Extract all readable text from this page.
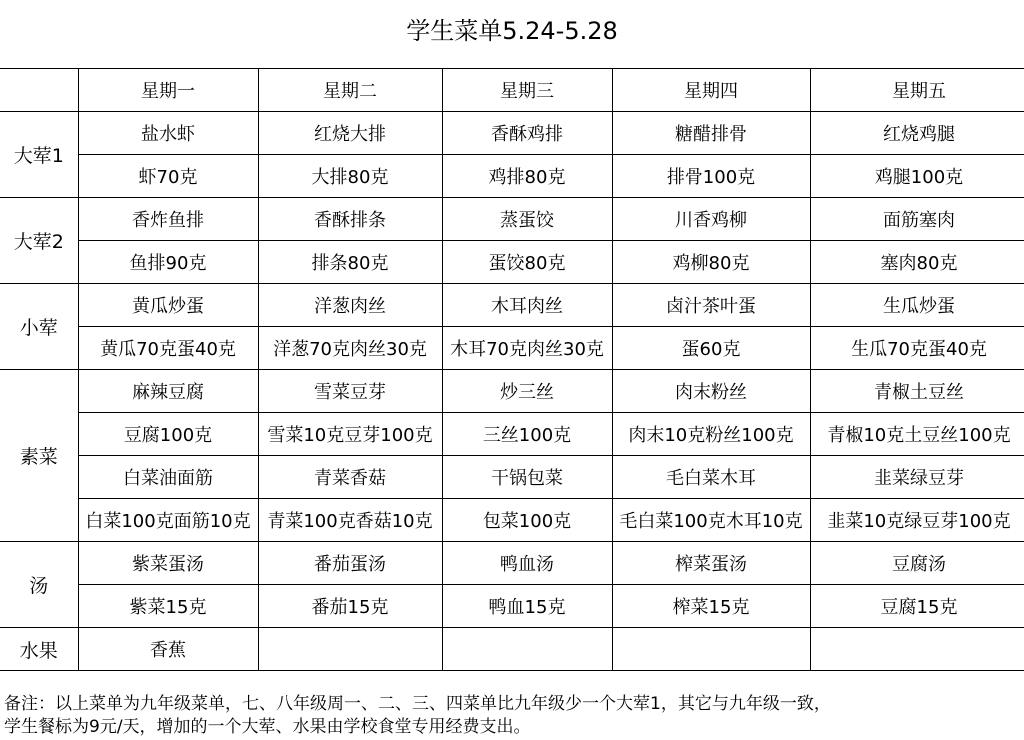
学生菜单5.24-5.28
	星期一	星期二	星期三	星期四	星期五
大荤1	盐水虾	红烧大排	香酥鸡排	糖醋排骨	红烧鸡腿
	虾70克	大排80克	鸡排80克	排骨100克	鸡腿100克
大荤2	香炸鱼排	香酥排条	蒸蛋饺	川香鸡柳	面筋塞肉
	鱼排90克	排条80克	蛋饺80克	鸡柳80克	塞肉80克
小荤	黄瓜炒蛋	洋葱肉丝	木耳肉丝	卤汁茶叶蛋	生瓜炒蛋
	黄瓜70克蛋40克	洋葱70克肉丝30克	木耳70克肉丝30克	蛋60克	生瓜70克蛋40克
素菜	麻辣豆腐	雪菜豆芽	炒三丝	肉末粉丝	青椒土豆丝
	豆腐100克	雪菜10克豆芽100克	三丝100克	肉末10克粉丝100克	青椒10克土豆丝100克
	白菜油面筋	青菜香菇	干锅包菜	毛白菜木耳	韭菜绿豆芽
	白菜100克面筋10克	青菜100克香菇10克	包菜100克	毛白菜100克木耳10克	韭菜10克绿豆芽100克
汤	紫菜蛋汤	番茄蛋汤	鸭血汤	榨菜蛋汤	豆腐汤
	紫菜15克	番茄15克	鸭血15克	榨菜15克	豆腐15克
水果	香蕉				
备注：以上菜单为九年级菜单，七、八年级周一、二、三、四菜单比九年级少一个大荤1，其它与九年级一致，
学生餐标为9元/天，增加的一个大荤、水果由学校食堂专用经费支出。
